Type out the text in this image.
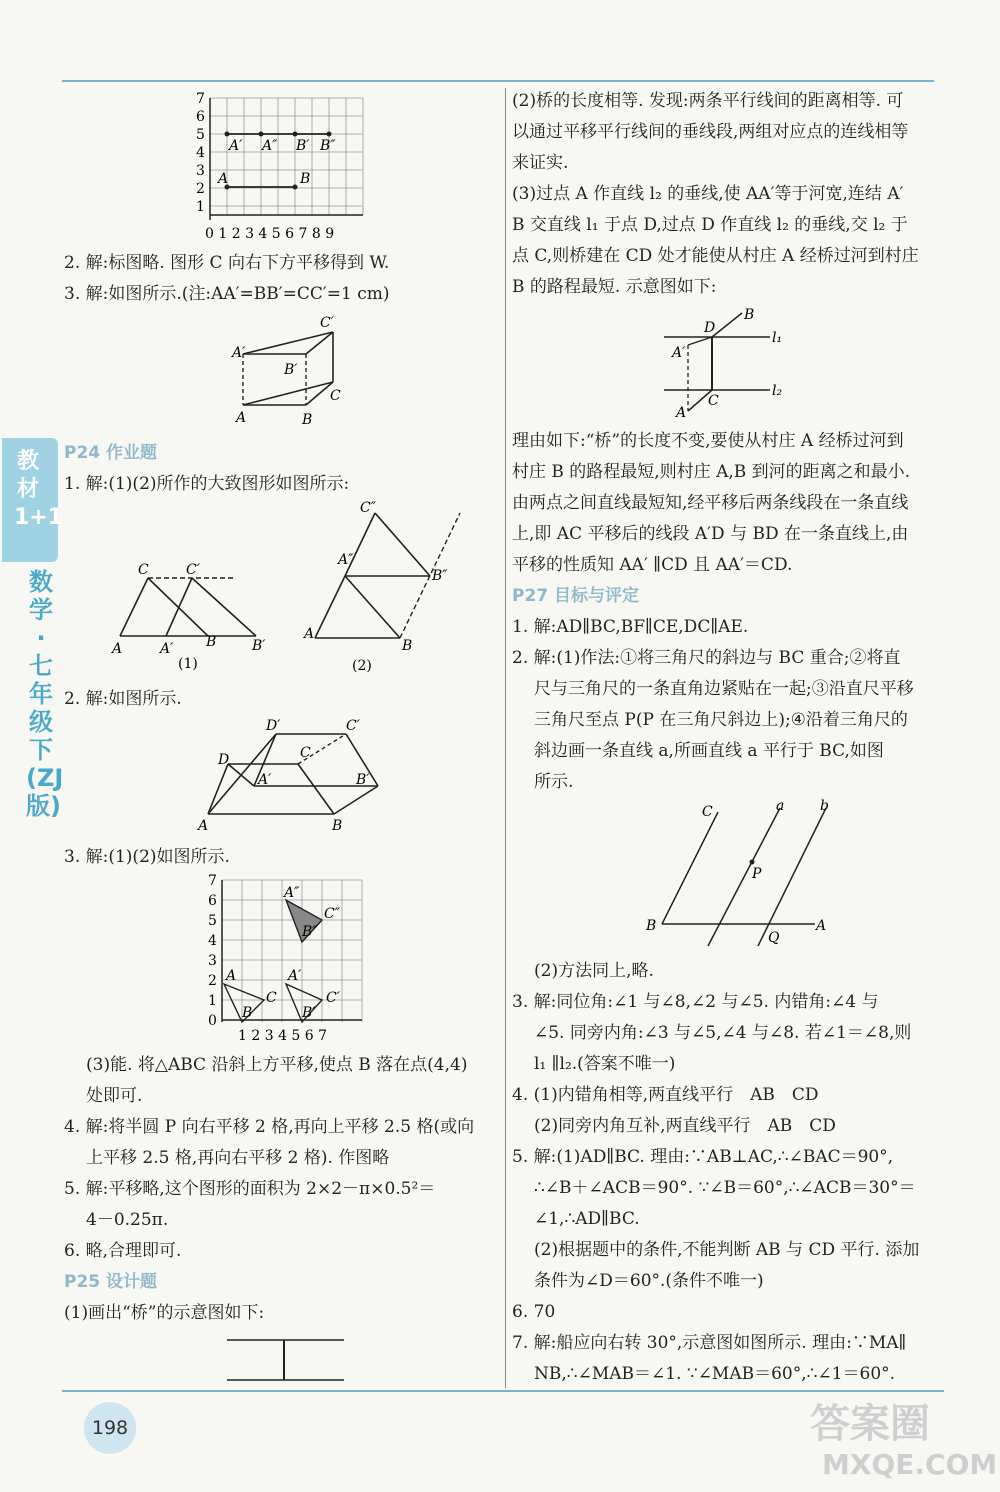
教材1+1
数学·七年级下(ZJ版)
7
6
5
4
3
2
1
0 1 2 3 4 5 6 7 8 9
A′ A″ B′ B″
A	B
A′
B′
C′
A	B
C
C	C′
A	A′ B	B′
(1)
C″
A″
B″
A
B
(2)
D′	C′
D	C
A′	B′
A	B
7
6
5
4
3
2
1
0
1 2 3 4 5 6 7
A
B
C
A′
B′
C′
A″
B″
C″

2. 解:标图略. 图形 C 向右下方平移得到 W.

3. 解:如图所示.(注:AA′=BB′=CC′=1 cm)

P24 作业题

1. 解:(1)(2)所作的大致图形如图所示:

2. 解:如图所示.

3. 解:(1)(2)如图所示.

(3)能. 将△ABC 沿斜上方平移,使点 B 落在点(4,4)

处即可.

4. 解:将半圆 P 向右平移 2 格,再向上平移 2.5 格(或向

上平移 2.5 格,再向右平移 2 格). 作图略

5. 解:平移略,这个图形的面积为 2×2－π×0.5²＝

4－0.25π.

6. 略,合理即可.

P25 设计题

(1)画出“桥”的示意图如下:

(2)桥的长度相等. 发现:两条平行线间的距离相等. 可

以通过平移平行线间的垂线段,两组对应点的连线相等

来证实.

(3)过点 A 作直线 l₂ 的垂线,使 AA′等于河宽,连结 A′

B 交直线 l₁ 于点 D,过点 D 作直线 l₂ 的垂线,交 l₂ 于

点 C,则桥建在 CD 处才能使从村庄 A 经桥过河到村庄

B 的路程最短. 示意图如下:

D
B
l₁
A′
l₂
A
C

理由如下:“桥”的长度不变,要使从村庄 A 经桥过河到

村庄 B 的路程最短,则村庄 A,B 到河的距离之和最小.

由两点之间直线最短知,经平移后两条线段在一条直线

上,即 AC 平移后的线段 A′D 与 BD 在一条直线上,由

平移的性质知 AA′ ∥CD 且 AA′＝CD.

P27 目标与评定

1. 解:AD∥BC,BF∥CE,DC∥AE.

2. 解:(1)作法:①将三角尺的斜边与 BC 重合;②将直

尺与三角尺的一条直角边紧贴在一起;③沿直尺平移

三角尺至点 P(P 在三角尺斜边上);④沿着三角尺的

斜边画一条直线 a,所画直线 a 平行于 BC,如图

所示.

C	a	b
P
B
Q
A

(2)方法同上,略.

3. 解:同位角:∠1 与∠8,∠2 与∠5. 内错角:∠4 与

∠5. 同旁内角:∠3 与∠5,∠4 与∠8. 若∠1＝∠8,则

l₁ ∥l₂.(答案不唯一)

4. (1)内错角相等,两直线平行　AB　CD

(2)同旁内角互补,两直线平行　AB　CD

5. 解:(1)AD∥BC. 理由:∵AB⊥AC,∴∠BAC＝90°,

∴∠B＋∠ACB＝90°. ∵∠B＝60°,∴∠ACB＝30°＝

∠1,∴AD∥BC.

(2)根据题中的条件,不能判断 AB 与 CD 平行. 添加

条件为∠D＝60°.(条件不唯一)

6. 70

7. 解:船应向右转 30°,示意图如图所示. 理由:∵MA∥

NB,∴∠MAB＝∠1. ∵∠MAB＝60°,∴∠1＝60°.

198	答案圈
MXQE.COM
